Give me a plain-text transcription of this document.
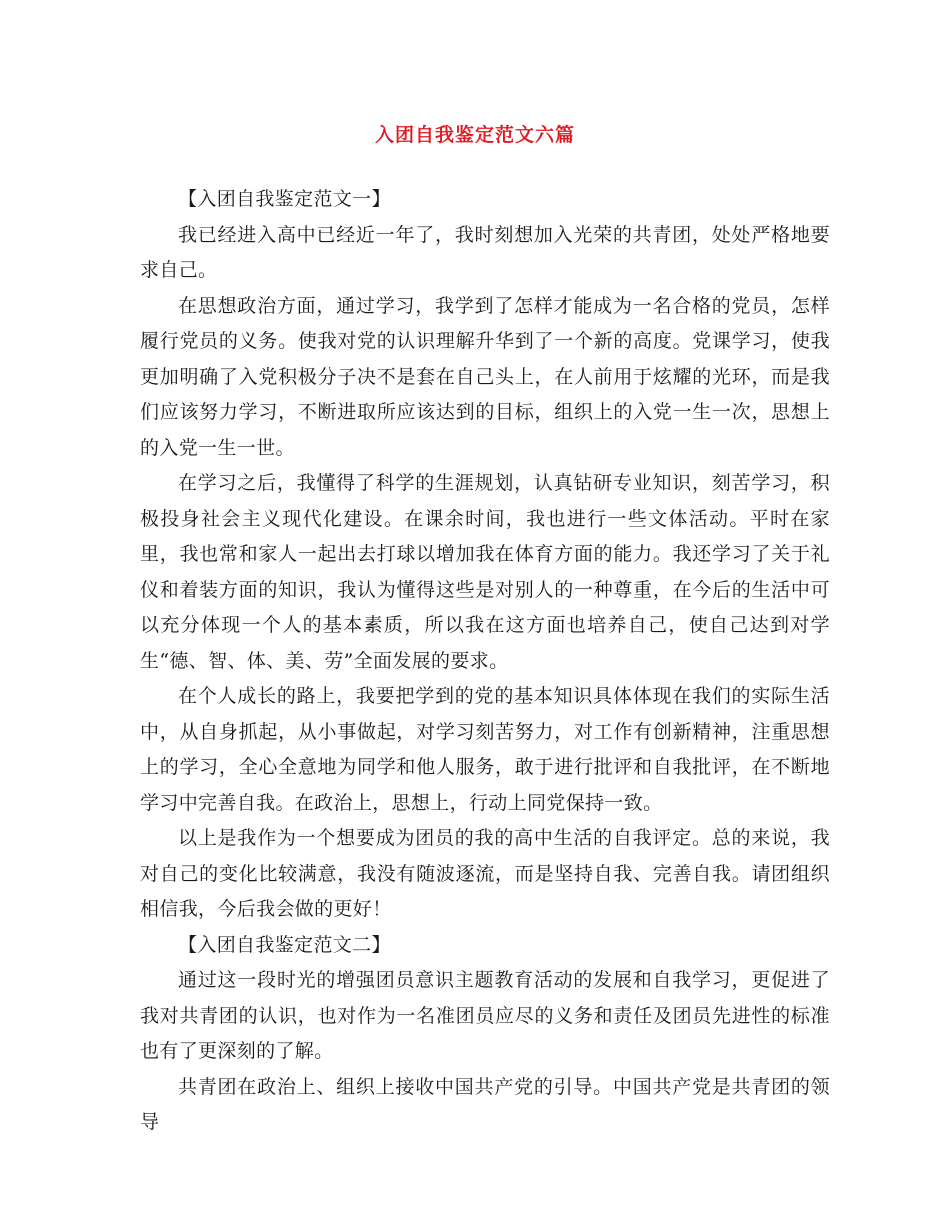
入团自我鉴定范文六篇

【入团自我鉴定范文一】

我已经进入高中已经近一年了，我时刻想加入光荣的共青团，处处严格地要求自己。

在思想政治方面，通过学习，我学到了怎样才能成为一名合格的党员，怎样履行党员的义务。使我对党的认识理解升华到了一个新的高度。党课学习，使我更加明确了入党积极分子决不是套在自己头上，在人前用于炫耀的光环，而是我们应该努力学习，不断进取所应该达到的目标，组织上的入党一生一次，思想上的入党一生一世。

在学习之后，我懂得了科学的生涯规划，认真钻研专业知识，刻苦学习，积极投身社会主义现代化建设。在课余时间，我也进行一些文体活动。平时在家里，我也常和家人一起出去打球以增加我在体育方面的能力。我还学习了关于礼仪和着装方面的知识，我认为懂得这些是对别人的一种尊重，在今后的生活中可以充分体现一个人的基本素质，所以我在这方面也培养自己，使自己达到对学生“德、智、体、美、劳”全面发展的要求。

在个人成长的路上，我要把学到的党的基本知识具体体现在我们的实际生活中，从自身抓起，从小事做起，对学习刻苦努力，对工作有创新精神，注重思想上的学习，全心全意地为同学和他人服务，敢于进行批评和自我批评，在不断地学习中完善自我。在政治上，思想上，行动上同党保持一致。

以上是我作为一个想要成为团员的我的高中生活的自我评定。总的来说，我对自己的变化比较满意，我没有随波逐流，而是坚持自我、完善自我。请团组织相信我，今后我会做的更好！

【入团自我鉴定范文二】

通过这一段时光的增强团员意识主题教育活动的发展和自我学习，更促进了我对共青团的认识，也对作为一名准团员应尽的义务和责任及团员先进性的标准也有了更深刻的了解。

共青团在政治上、组织上接收中国共产党的引导。中国共产党是共青团的领导
